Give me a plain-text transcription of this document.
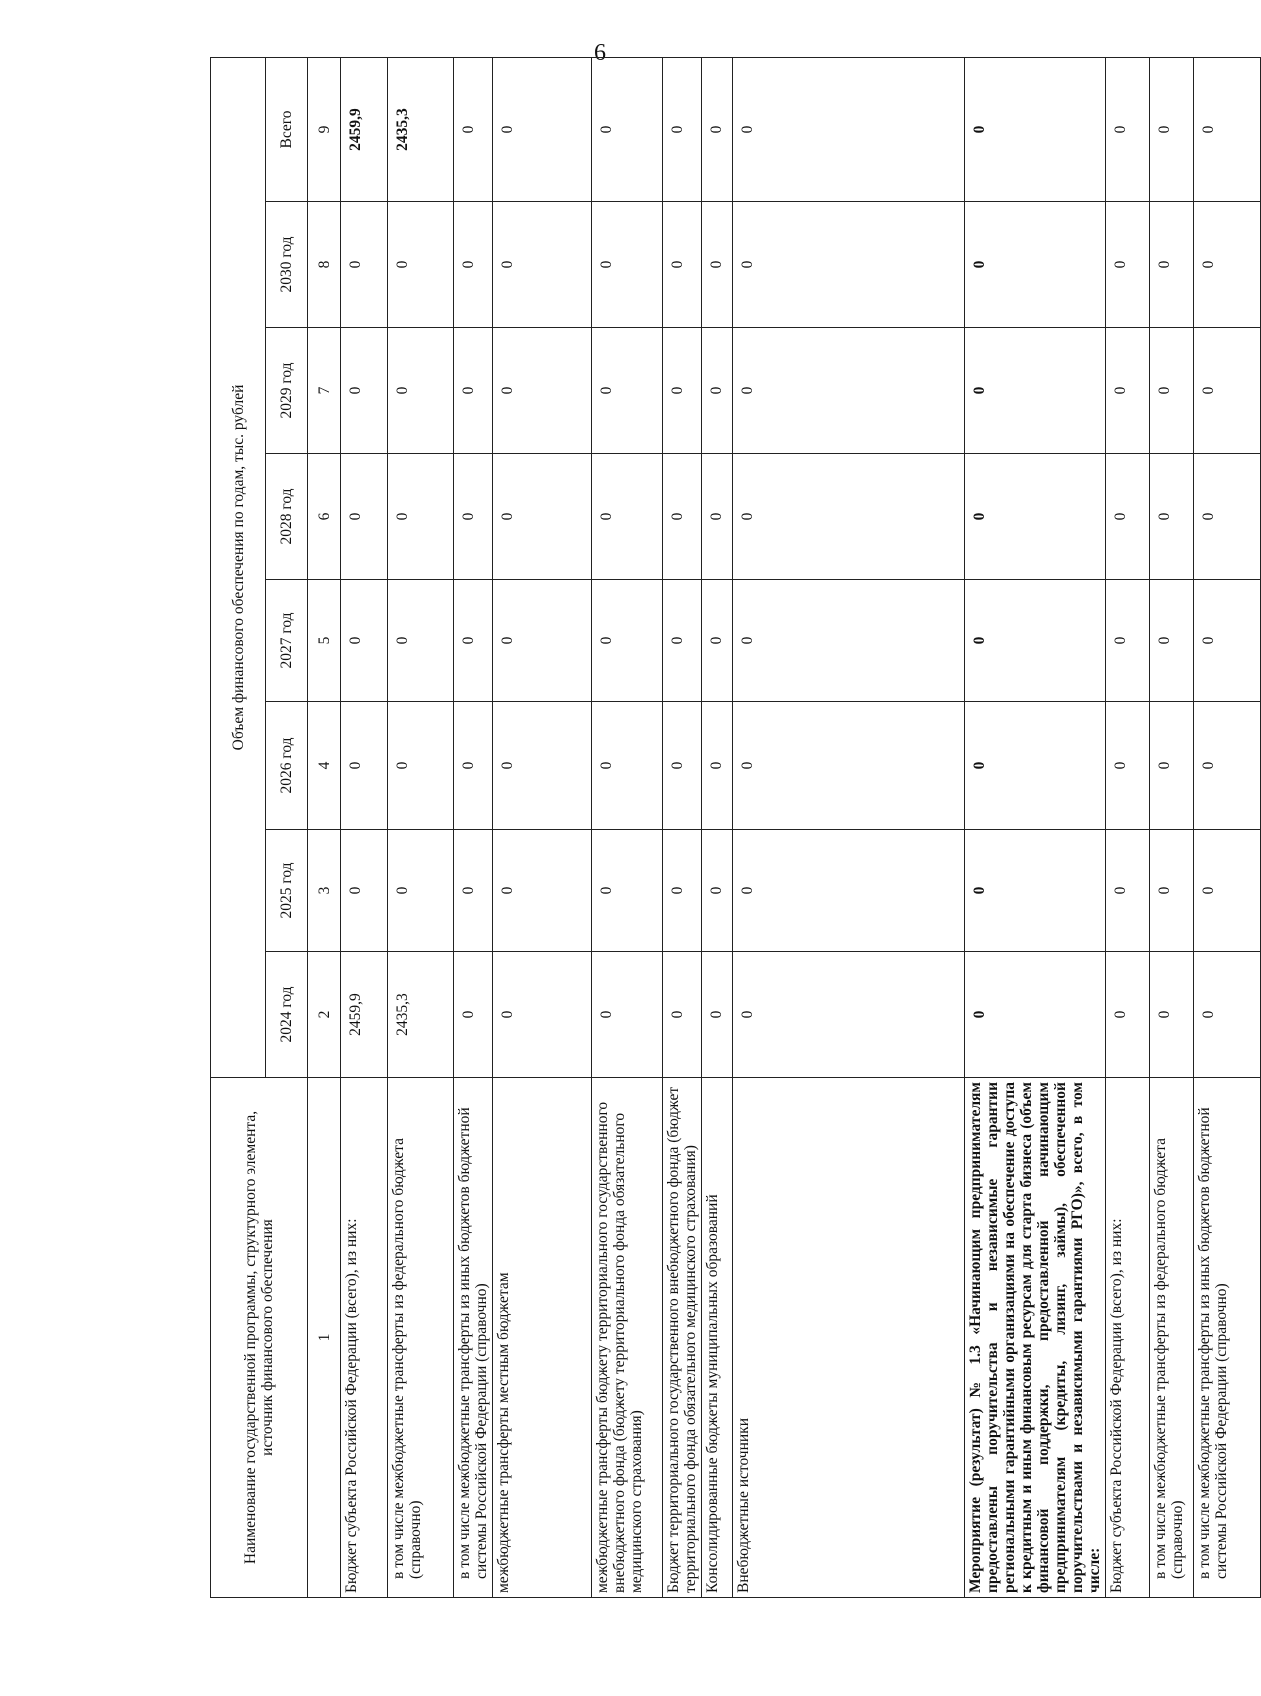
6
Наименование государственной программы, структурного элемента, источник финансового обеспечения	Объем финансового обеспечения по годам, тыс. рублей							
	2024 год	2025 год	2026 год	2027 год	2028 год	2029 год	2030 год	Всего
1	2	3	4	5	6	7	8	9
Бюджет субъекта Российской Федерации (всего), из них:	2459,9	0	0	0	0	0	0	2459,9
в том числе межбюджетные трансферты из федерального бюджета (справочно)	2435,3	0	0	0	0	0	0	2435,3
в том числе межбюджетные трансферты из иных бюджетов бюджетной системы Российской Федерации (справочно)	0	0	0	0	0	0	0	0
межбюджетные трансферты местным бюджетам	0	0	0	0	0	0	0	0
межбюджетные трансферты бюджету территориального государственного внебюджетного фонда (бюджету территориального фонда обязательного медицинского страхования)	0	0	0	0	0	0	0	0
Бюджет территориального государственного внебюджетного фонда (бюджет территориального фонда обязательного медицинского страхования)	0	0	0	0	0	0	0	0
Консолидированные бюджеты муниципальных образований	0	0	0	0	0	0	0	0
Внебюджетные источники	0	0	0	0	0	0	0	0
Мероприятие (результат) № 1.3 «Начинающим предпринимателям предоставлены поручительства и независимые гарантии региональными гарантийными организациями на обеспечение доступа к кредитным и иным финансовым ресурсам для старта бизнеса (объем финансовой поддержки, предоставленной начинающим предпринимателям (кредиты, лизинг, займы), обеспеченной поручительствами и независимыми гарантиями РГО)», всего, в том числе:	0	0	0	0	0	0	0	0
Бюджет субъекта Российской Федерации (всего), из них:	0	0	0	0	0	0	0	0
в том числе межбюджетные трансферты из федерального бюджета (справочно)	0	0	0	0	0	0	0	0
в том числе межбюджетные трансферты из иных бюджетов бюджетной системы Российской Федерации (справочно)	0	0	0	0	0	0	0	0
